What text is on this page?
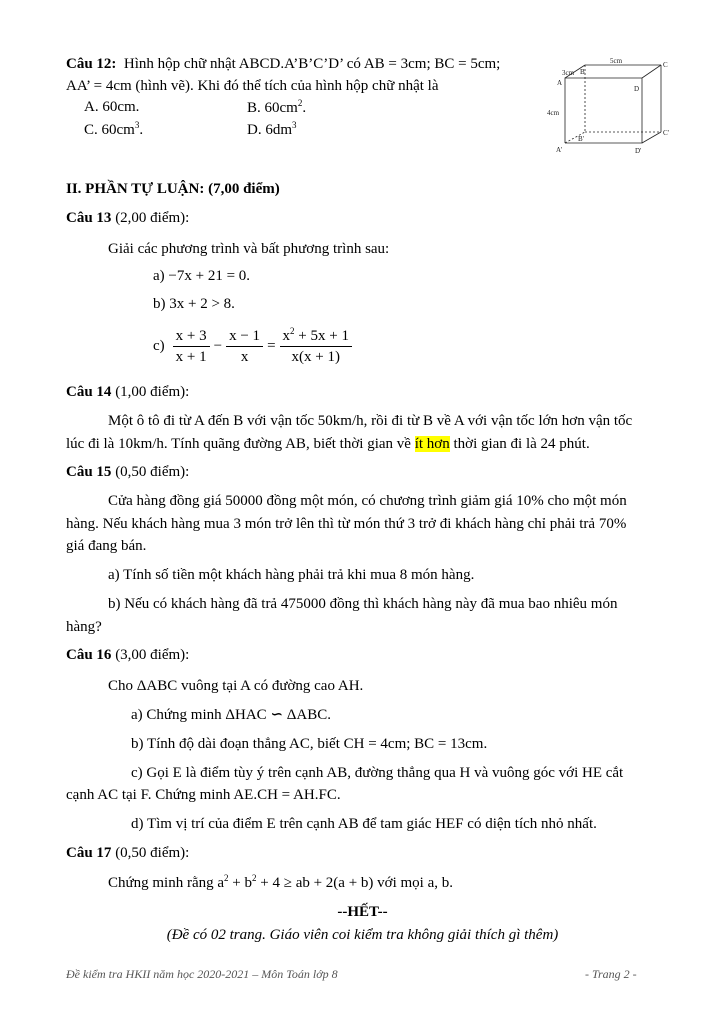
Câu 12: Hình hộp chữ nhật ABCD.A’B’C’D’ có AB = 3cm; BC = 5cm;
AA’ = 4cm (hình vẽ). Khi đó thể tích của hình hộp chữ nhật là
A. 60cm.	B. $60cm^2$.
C. $60cm^3$.	D. $6dm^3$
3cm
5cm
4cm
A
B
C
D
A'
B'
C'
D'
II. PHẦN TỰ LUẬN: (7,00 điểm)
Câu 13 (2,00 điểm):
Giải các phương trình và bất phương trình sau:
a) −7x + 21 = 0.
b) 3x + 2 > 8.
$c) \frac{x + 3}{x + 1} - \frac{x - 1}{x} = \frac{x^2 + 5x + 1}{x(x + 1)}$
Câu 14 (1,00 điểm):
Một ô tô đi từ A đến B với vận tốc 50km/h, rồi đi từ B về A với vận tốc lớn hơn vận tốc
lúc đi là 10km/h. Tính quãng đường AB, biết thời gian về ít hơn thời gian đi là 24 phút.
Câu 15 (0,50 điểm):
Cửa hàng đồng giá 50000 đồng một món, có chương trình giảm giá 10% cho một món
hàng. Nếu khách hàng mua 3 món trở lên thì từ món thứ 3 trở đi khách hàng chỉ phải trả 70%
giá đang bán.
a) Tính số tiền một khách hàng phải trả khi mua 8 món hàng.
b) Nếu có khách hàng đã trả 475000 đồng thì khách hàng này đã mua bao nhiêu món
hàng?
Câu 16 (3,00 điểm):
Cho ΔABC vuông tại A có đường cao AH.
a) Chứng minh ΔHAC ∽ ΔABC.
b) Tính độ dài đoạn thẳng AC, biết CH = 4cm; BC = 13cm.
c) Gọi E là điểm tùy ý trên cạnh AB, đường thẳng qua H và vuông góc với HE cắt
cạnh AC tại F. Chứng minh AE.CH = AH.FC.
d) Tìm vị trí của điểm E trên cạnh AB để tam giác HEF có diện tích nhỏ nhất.
Câu 17 (0,50 điểm):
Chứng minh rằng $a^2 + b^2 + 4$ ≥ ab + 2(a + b) với mọi a, b.
--HẾT--
(Đề có 02 trang. Giáo viên coi kiểm tra không giải thích gì thêm)
Đề kiểm tra HKII năm học 2020-2021 – Môn Toán lớp 8	- Trang 2 -
